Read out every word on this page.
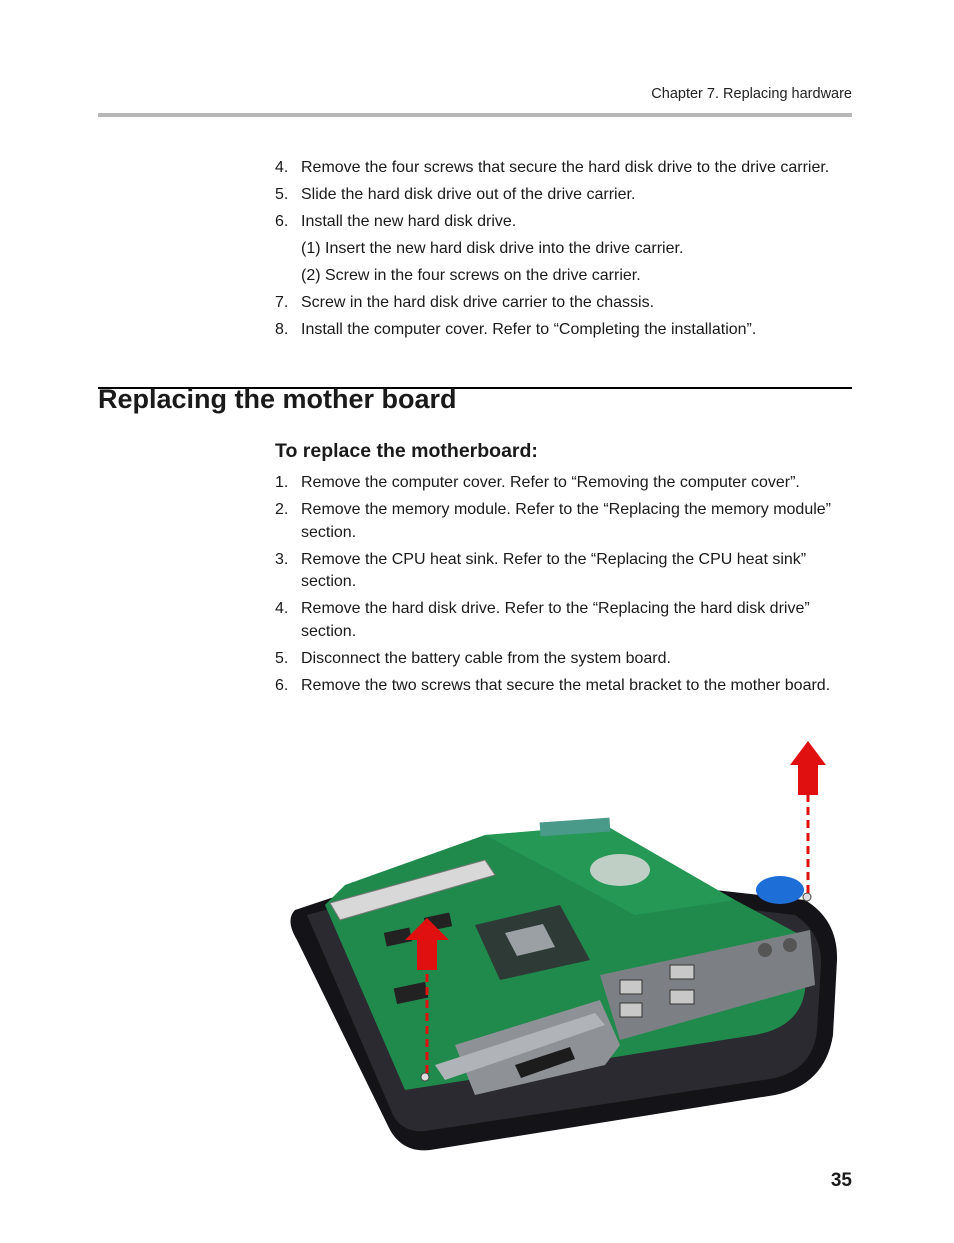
Chapter 7. Replacing hardware
4. Remove the four screws that secure the hard disk drive to the drive carrier.
5. Slide the hard disk drive out of the drive carrier.
6. Install the new hard disk drive.
(1) Insert the new hard disk drive into the drive carrier.
(2) Screw in the four screws on the drive carrier.
7. Screw in the hard disk drive carrier to the chassis.
8. Install the computer cover. Refer to “Completing the installation”.
Replacing the mother board
To replace the motherboard:
1. Remove the computer cover. Refer to “Removing the computer cover”.
2. Remove the memory module. Refer to the “Replacing the memory module” section.
3. Remove the CPU heat sink. Refer to the “Replacing the CPU heat sink” section.
4. Remove the hard disk drive. Refer to the “Replacing the hard disk drive” section.
5. Disconnect the battery cable from the system board.
6. Remove the two screws that secure the metal bracket to the mother board.
35
